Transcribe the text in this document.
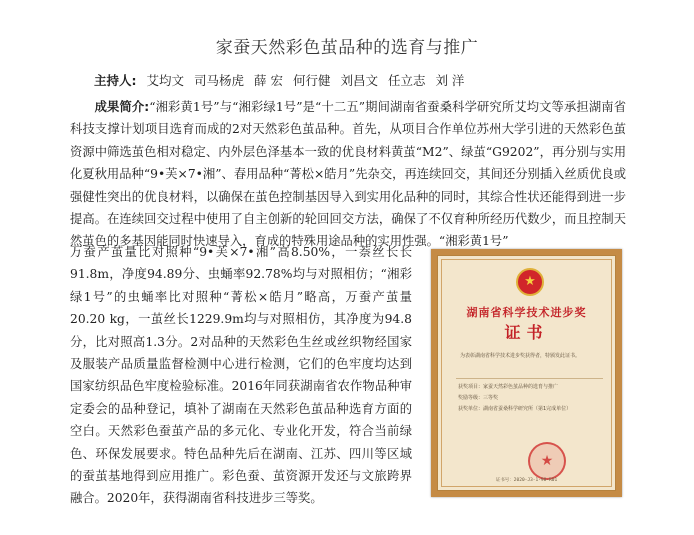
家蚕天然彩色茧品种的选育与推广
主持人: 艾均文 司马杨虎 薛 宏 何行健 刘昌文 任立志 刘 洋

成果简介:“湘彩黄1号”与“湘彩绿1号”是“十二五”期间湖南省蚕桑科学研究所艾均文等承担湖南省科技支撑计划项目选育而成的2对天然彩色茧品种。首先，从项目合作单位苏州大学引进的天然彩色茧资源中筛选茧色相对稳定、内外层色泽基本一致的优良材料黄茧“M2”、绿茧“G9202”，再分别与实用化夏秋用品种“9•芙×7•湘”、春用品种“菁松×皓月”先杂交，再连续回交，其间还分别插入丝质优良或强健性突出的优良材料，以确保在茧色控制基因导入到实用化品种的同时，其综合性状还能得到进一步提高。在连续回交过程中使用了自主创新的轮回回交方法，确保了不仅育种所经历代数少，而且控制天然茧色的多基因能同时快速导入，育成的特殊用途品种的实用性强。“湘彩黄1号”

万蚕产茧量比对照种“9•芙×7•湘”高8.50%，一萘丝长长91.8m，净度94.89分、虫蛹率92.78%均与对照相仿；“湘彩绿1号”的虫蛹率比对照种“菁松×皓月”略高，万蚕产茧量20.20 kg，一茧丝长1229.9m均与对照相仿，其净度为94.8分，比对照高1.3分。2对品种的天然彩色生丝或丝织物经国家及服装产品质量监督检测中心进行检测，它们的色牢度均达到国家纺织品色牢度检验标准。2016年同获湖南省农作物品种审定委会的品种登记，填补了湖南在天然彩色茧品种选育方面的空白。天然彩色蚕茧产品的多元化、专业化开发，符合当前绿色、环保发展要求。特色品种先后在湖南、江苏、四川等区域的蚕茧基地得到应用推广。彩色蚕、茧资源开发还与文旅跨界融合。2020年，获得湖南省科技进步三等奖。

★
湖南省科学技术进步奖
证书
为表彰湖南省科学技术进步奖获得者，特颁发此证书。
获奖项目：家蚕天然彩色茧品种的选育与推广
奖励等级：三等奖
获奖单位：湖南省蚕桑科学研究所（第1完成单位）
★
证书号：2020-J3-1-98-R01
